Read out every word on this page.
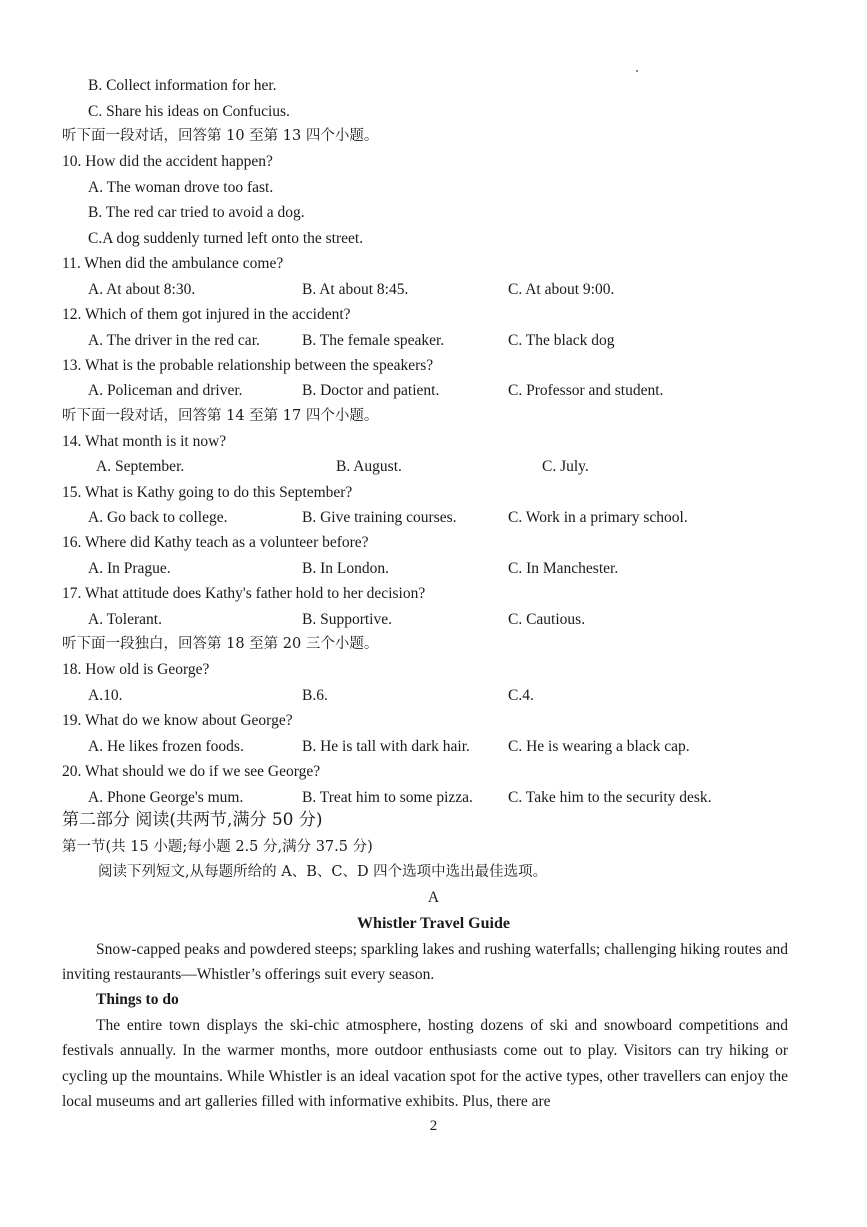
B. Collect information for her.
C. Share his ideas on Confucius.
听下面一段对话，回答第 10 至第 13 四个小题。
10. How did the accident happen?
A. The woman drove too fast.
B. The red car tried to avoid a dog.
C.A dog suddenly turned left onto the street.
11. When did the ambulance come?
A. At about 8:30.	B. At about 8:45.	C. At about 9:00.
12. Which of them got injured in the accident?
A. The driver in the red car.	B. The female speaker.	C. The black dog
13. What is the probable relationship between the speakers?
A. Policeman and driver.	B. Doctor and patient.	C. Professor and student.
听下面一段对话，回答第 14 至第 17 四个小题。
14. What month is it now?
A. September.	B. August.	C. July.
15. What is Kathy going to do this September?
A. Go back to college.	B. Give training courses.	C. Work in a primary school.
16. Where did Kathy teach as a volunteer before?
A. In Prague.	B. In London.	C. In Manchester.
17. What attitude does Kathy's father hold to her decision?
A. Tolerant.	B. Supportive.	C. Cautious.
听下面一段独白，回答第 18 至第 20 三个小题。
18. How old is George?
A.10.	B.6.	C.4.
19. What do we know about George?
A. He likes frozen foods.	B. He is tall with dark hair. C. He is wearing a black cap.
20. What should we do if we see George?
A. Phone George's mum.	B. Treat him to some pizza. C. Take him to the security desk.
第二部分 阅读(共两节,满分 50 分)
第一节(共 15 小题;每小题 2.5 分,满分 37.5 分)
阅读下列短文,从每题所给的 A、B、C、D 四个选项中选出最佳选项。
A
Whistler Travel Guide
Snow-capped peaks and powdered steeps; sparkling lakes and rushing waterfalls; challenging hiking routes and inviting restaurants—Whistler’s offerings suit every season.
Things to do
The entire town displays the ski-chic atmosphere, hosting dozens of ski and snowboard competitions and festivals annually. In the warmer months, more outdoor enthusiasts come out to play. Visitors can try hiking or cycling up the mountains. While Whistler is an ideal vacation spot for the active types, other travellers can enjoy the local museums and art galleries filled with informative exhibits. Plus, there are
2
